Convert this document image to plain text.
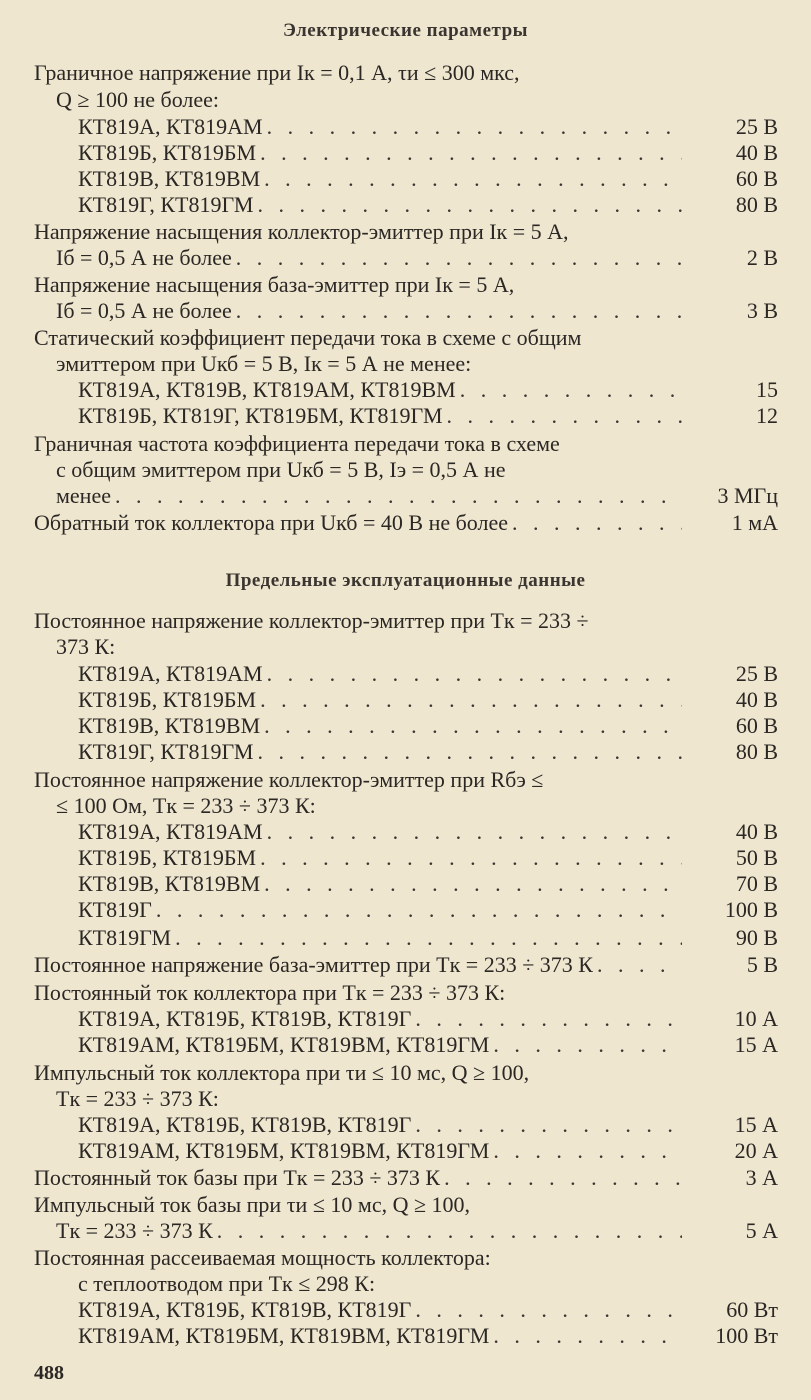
Электрические параметры
Граничное напряжение при Iк = 0,1 А, τи ≤ 300 мкс,
Q ≥ 100 не более:
КТ819А, КТ819АМ . . .	25 В
КТ819Б, КТ819БМ . . .	40 В
КТ819В, КТ819ВМ . . .	60 В
КТ819Г, КТ819ГМ . . .	80 В
Напряжение насыщения коллектор-эмиттер при Iк = 5 А,
Iб = 0,5 А не более . . .	2 В
Напряжение насыщения база-эмиттер при Iк = 5 А,
Iб = 0,5 А не более . . .	3 В
Статический коэффициент передачи тока в схеме с общим
эмиттером при Uкб = 5 В, Iк = 5 А не менее:
КТ819А, КТ819В, КТ819АМ, КТ819ВМ . . .	15
КТ819Б, КТ819Г, КТ819БМ, КТ819ГМ . . .	12
Граничная частота коэффициента передачи тока в схеме
с общим эмиттером при Uкб = 5 В, Iэ = 0,5 А не
менее . . .	3 МГц
Обратный ток коллектора при Uкб = 40 В не более . . .	1 мА
Предельные эксплуатационные данные
Постоянное напряжение коллектор-эмиттер при Tк = 233 ÷
373 К:
КТ819А, КТ819АМ . . .	25 В
КТ819Б, КТ819БМ . . .	40 В
КТ819В, КТ819ВМ . . .	60 В
КТ819Г, КТ819ГМ . . .	80 В
Постоянное напряжение коллектор-эмиттер при Rбэ ≤
≤ 100 Ом, Tк = 233 ÷ 373 К:
КТ819А, КТ819АМ . . .	40 В
КТ819Б, КТ819БМ . . .	50 В
КТ819В, КТ819ВМ . . .	70 В
КТ819Г . . .	100 В
КТ819ГМ . . .	90 В
Постоянное напряжение база-эмиттер при Tк = 233 ÷ 373 К . . .	5 В
Постоянный ток коллектора при Tк = 233 ÷ 373 К:
КТ819А, КТ819Б, КТ819В, КТ819Г . . .	10 А
КТ819АМ, КТ819БМ, КТ819ВМ, КТ819ГМ . . .	15 А
Импульсный ток коллектора при τи ≤ 10 мс, Q ≥ 100,
Tк = 233 ÷ 373 К:
КТ819А, КТ819Б, КТ819В, КТ819Г . . .	15 А
КТ819АМ, КТ819БМ, КТ819ВМ, КТ819ГМ . . .	20 А
Постоянный ток базы при Tк = 233 ÷ 373 К . . .	3 А
Импульсный ток базы при τи ≤ 10 мс, Q ≥ 100,
Tк = 233 ÷ 373 К . . .	5 А
Постоянная рассеиваемая мощность коллектора:
с теплоотводом при Tк ≤ 298 К:
КТ819А, КТ819Б, КТ819В, КТ819Г . . .	60 Вт
КТ819АМ, КТ819БМ, КТ819ВМ, КТ819ГМ . . .	100 Вт
488
